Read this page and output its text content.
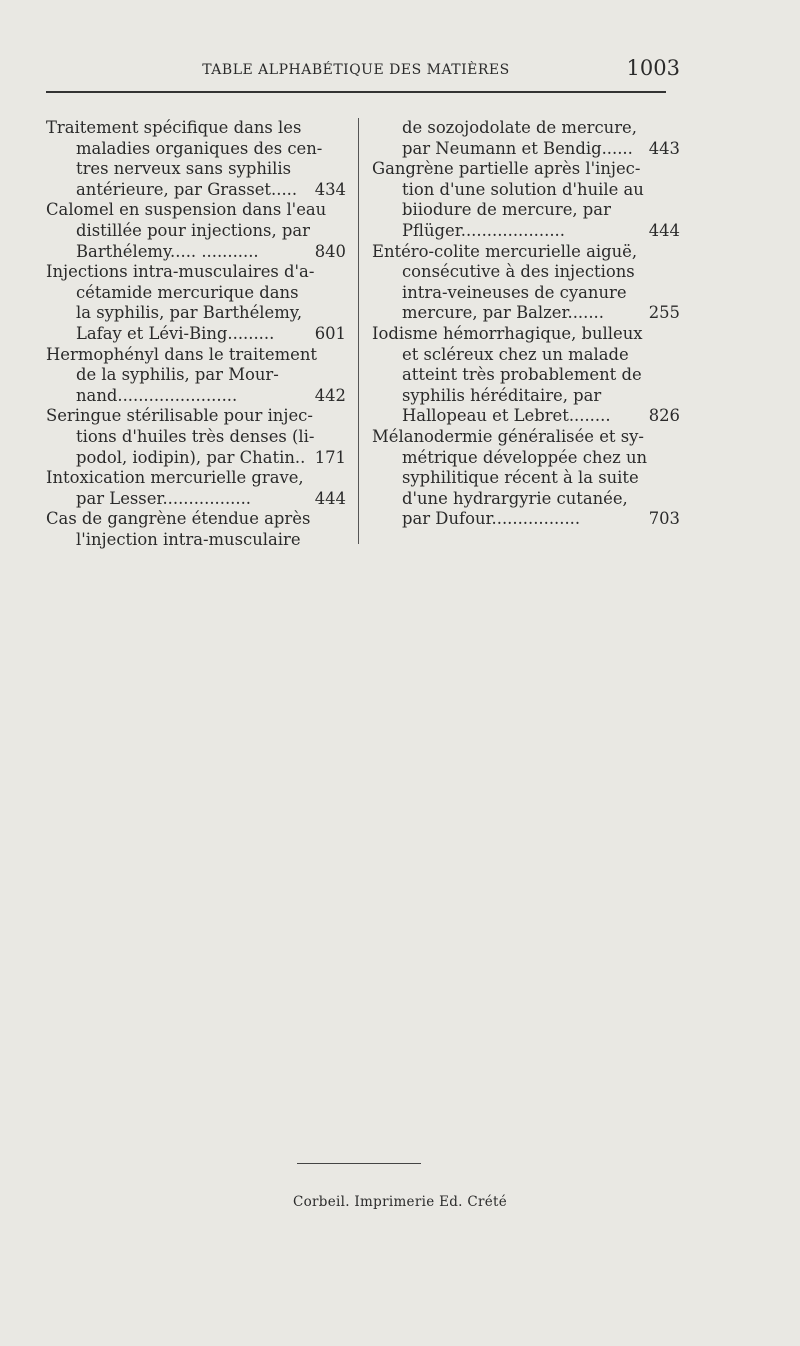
TABLE ALPHABÉTIQUE DES MATIÈRES	1003
Traitement spécifique dans les
maladies organiques des cen-
tres nerveux sans syphilis
antérieure, par Grasset..... 434
Calomel en suspension dans l'eau
distillée pour injections, par
Barthélemy..... ...........	840
Injections intra-musculaires d'a-
cétamide mercurique dans
la syphilis, par Barthélemy,
Lafay et Lévi-Bing......... 601
Hermophényl dans le traitement
de la syphilis, par Mour-
nand.......................	442
Seringue stérilisable pour injec-
tions d'huiles très denses (li-
podol, iodipin), par Chatin.. 171
Intoxication mercurielle grave,
par Lesser.................	444
Cas de gangrène étendue après
l'injection intra-musculaire
de sozojodolate de mercure,
par Neumann et Bendig...... 443
Gangrène partielle après l'injec-
tion d'une solution d'huile au
biiodure de mercure, par
Pflüger....................	444
Entéro-colite mercurielle aiguë,
consécutive à des injections
intra-veineuses de cyanure
mercure, par Balzer.......	255
Iodisme hémorrhagique, bulleux
et scléreux chez un malade
atteint très probablement de
syphilis héréditaire, par
Hallopeau et Lebret........ 826
Mélanodermie généralisée et sy-
métrique développée chez un
syphilitique récent à la suite
d'une hydrargyrie cutanée,
par Dufour.................	703
Corbeil. Imprimerie Ed. Crété
